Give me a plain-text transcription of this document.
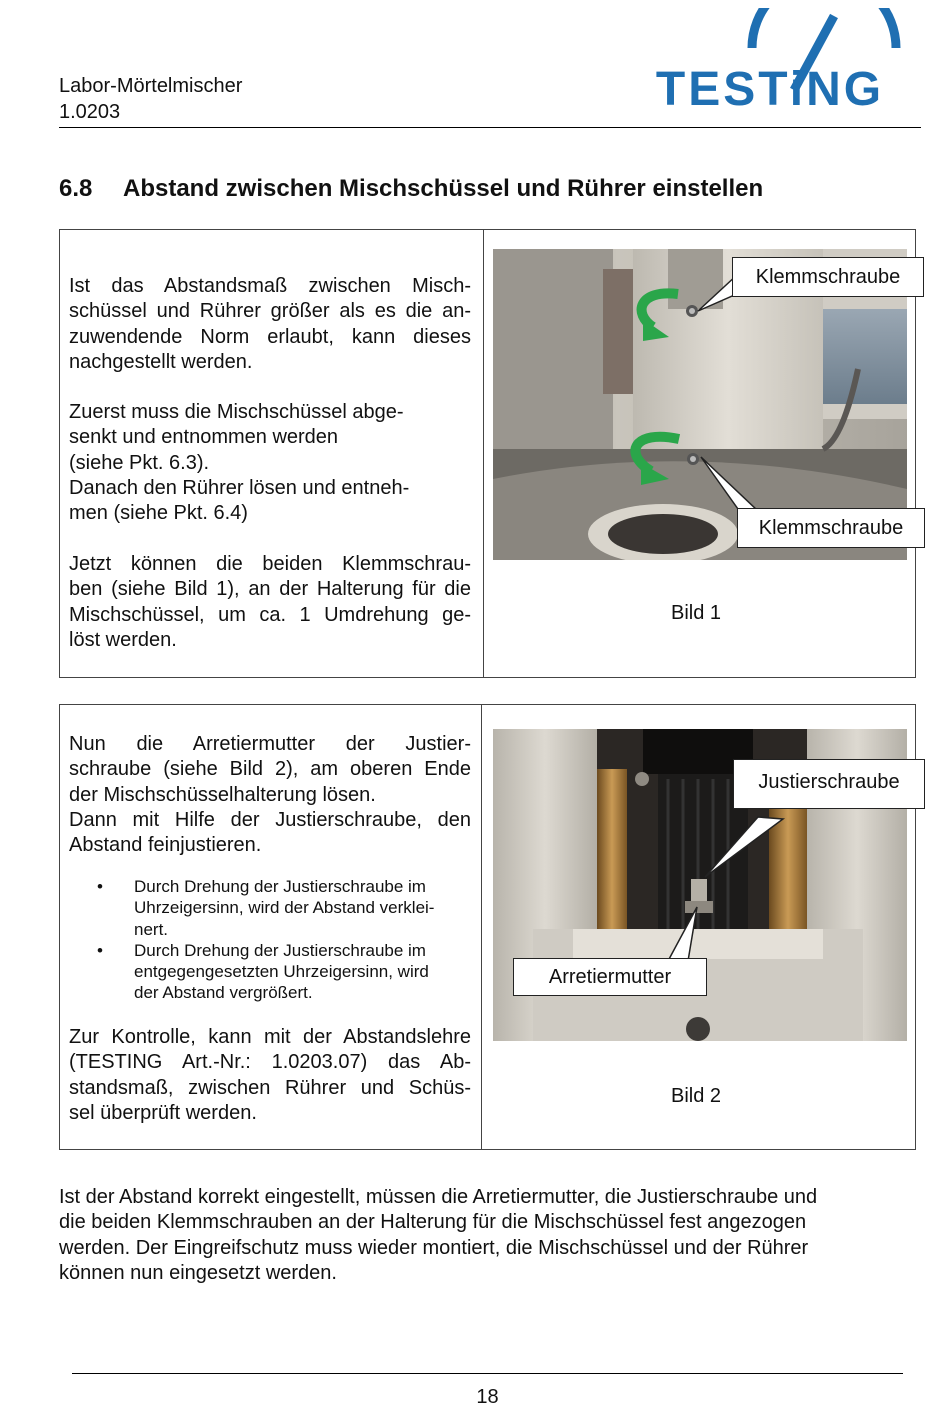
Labor-Mörtelmischer
1.0203	TESTiNG
6.8 Abstand zwischen Mischschüssel und Rührer einstellen
Ist das Abstandsmaß zwischen Misch-
schüssel und Rührer größer als es die an-
zuwendende Norm erlaubt, kann dieses
nachgestellt werden.
Zuerst muss die Mischschüssel abge-
senkt und entnommen werden
(siehe Pkt. 6.3).
Danach den Rührer lösen und entneh-
men (siehe Pkt. 6.4)
Jetzt können die beiden Klemmschrau-
ben (siehe Bild 1), an der Halterung für die
Mischschüssel, um ca. 1 Umdrehung ge-
löst werden.
Klemmschraube
Klemmschraube
Bild 1
Nun die Arretiermutter der Justier-
schraube (siehe Bild 2), am oberen Ende
der Mischschüsselhalterung lösen.
Dann mit Hilfe der Justierschraube, den
Abstand feinjustieren.
• Durch Drehung der Justierschraube im
Uhrzeigersinn, wird der Abstand verklei-
nert.
• Durch Drehung der Justierschraube im
entgegengesetzten Uhrzeigersinn, wird
der Abstand vergrößert.
Zur Kontrolle, kann mit der Abstandslehre
(TESTING Art.-Nr.: 1.0203.07) das Ab-
standsmaß, zwischen Rührer und Schüs-
sel überprüft werden.
Justierschraube
Arretiermutter
Bild 2
Ist der Abstand korrekt eingestellt, müssen die Arretiermutter, die Justierschraube und
die beiden Klemmschrauben an der Halterung für die Mischschüssel fest angezogen
werden. Der Eingreifschutz muss wieder montiert, die Mischschüssel und der Rührer
können nun eingesetzt werden.
18
